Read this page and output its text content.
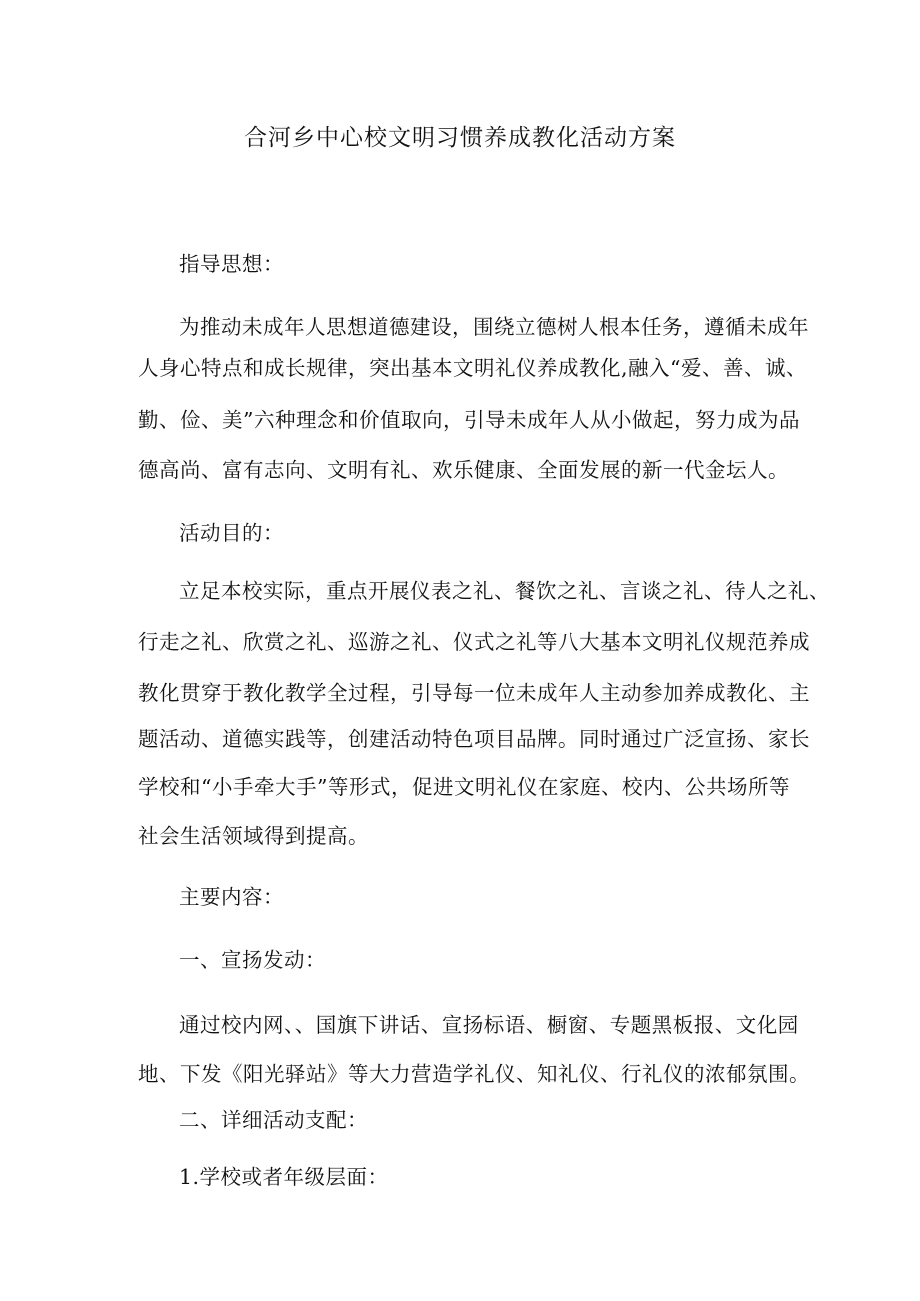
合河乡中心校文明习惯养成教化活动方案
指导思想：
为推动未成年人思想道德建设，围绕立德树人根本任务，遵循未成年
人身心特点和成长规律，突出基本文明礼仪养成教化,融入“爱、善、诚、
勤、俭、美”六种理念和价值取向，引导未成年人从小做起，努力成为品
德高尚、富有志向、文明有礼、欢乐健康、全面发展的新一代金坛人。
活动目的：
立足本校实际，重点开展仪表之礼、餐饮之礼、言谈之礼、待人之礼、
行走之礼、欣赏之礼、巡游之礼、仪式之礼等八大基本文明礼仪规范养成
教化贯穿于教化教学全过程，引导每一位未成年人主动参加养成教化、主
题活动、道德实践等，创建活动特色项目品牌。同时通过广泛宣扬、家长
学校和“小手牵大手”等形式，促进文明礼仪在家庭、校内、公共场所等
社会生活领域得到提高。
主要内容：
一、宣扬发动：
通过校内网、、国旗下讲话、宣扬标语、橱窗、专题黑板报、文化园
地、下发《阳光驿站》等大力营造学礼仪、知礼仪、行礼仪的浓郁氛围。
二、详细活动支配：
1.学校或者年级层面：
